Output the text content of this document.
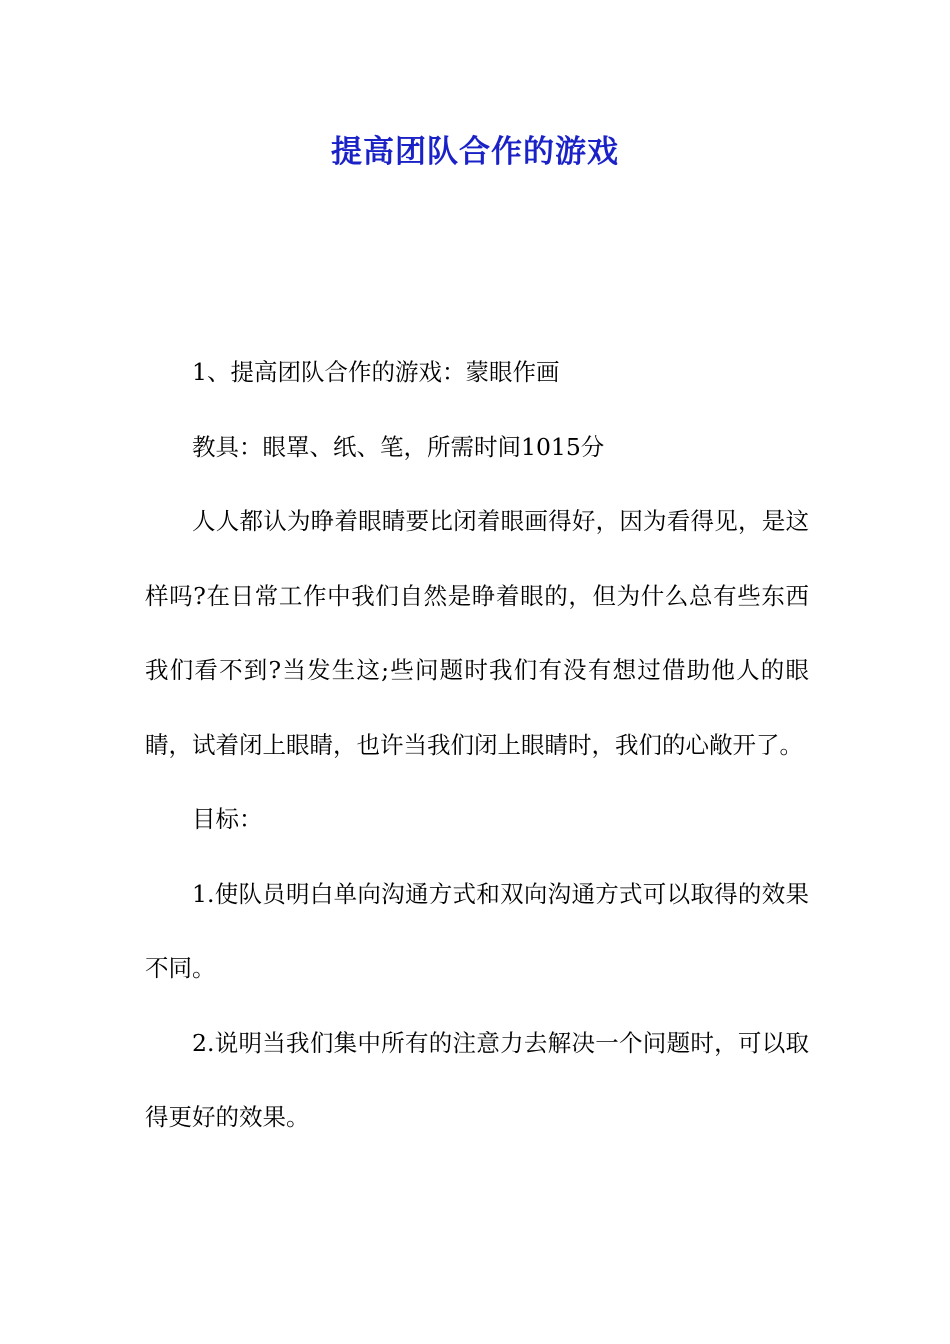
提高团队合作的游戏

1、提高团队合作的游戏：蒙眼作画

教具：眼罩、纸、笔，所需时间1015分

人人都认为睁着眼睛要比闭着眼画得好，因为看得见，是这样吗?在日常工作中我们自然是睁着眼的，但为什么总有些东西我们看不到?当发生这;些问题时我们有没有想过借助他人的眼睛，试着闭上眼睛，也许当我们闭上眼睛时，我们的心敞开了。

目标：

1.使队员明白单向沟通方式和双向沟通方式可以取得的效果不同。

2.说明当我们集中所有的注意力去解决一个问题时，可以取得更好的效果。
